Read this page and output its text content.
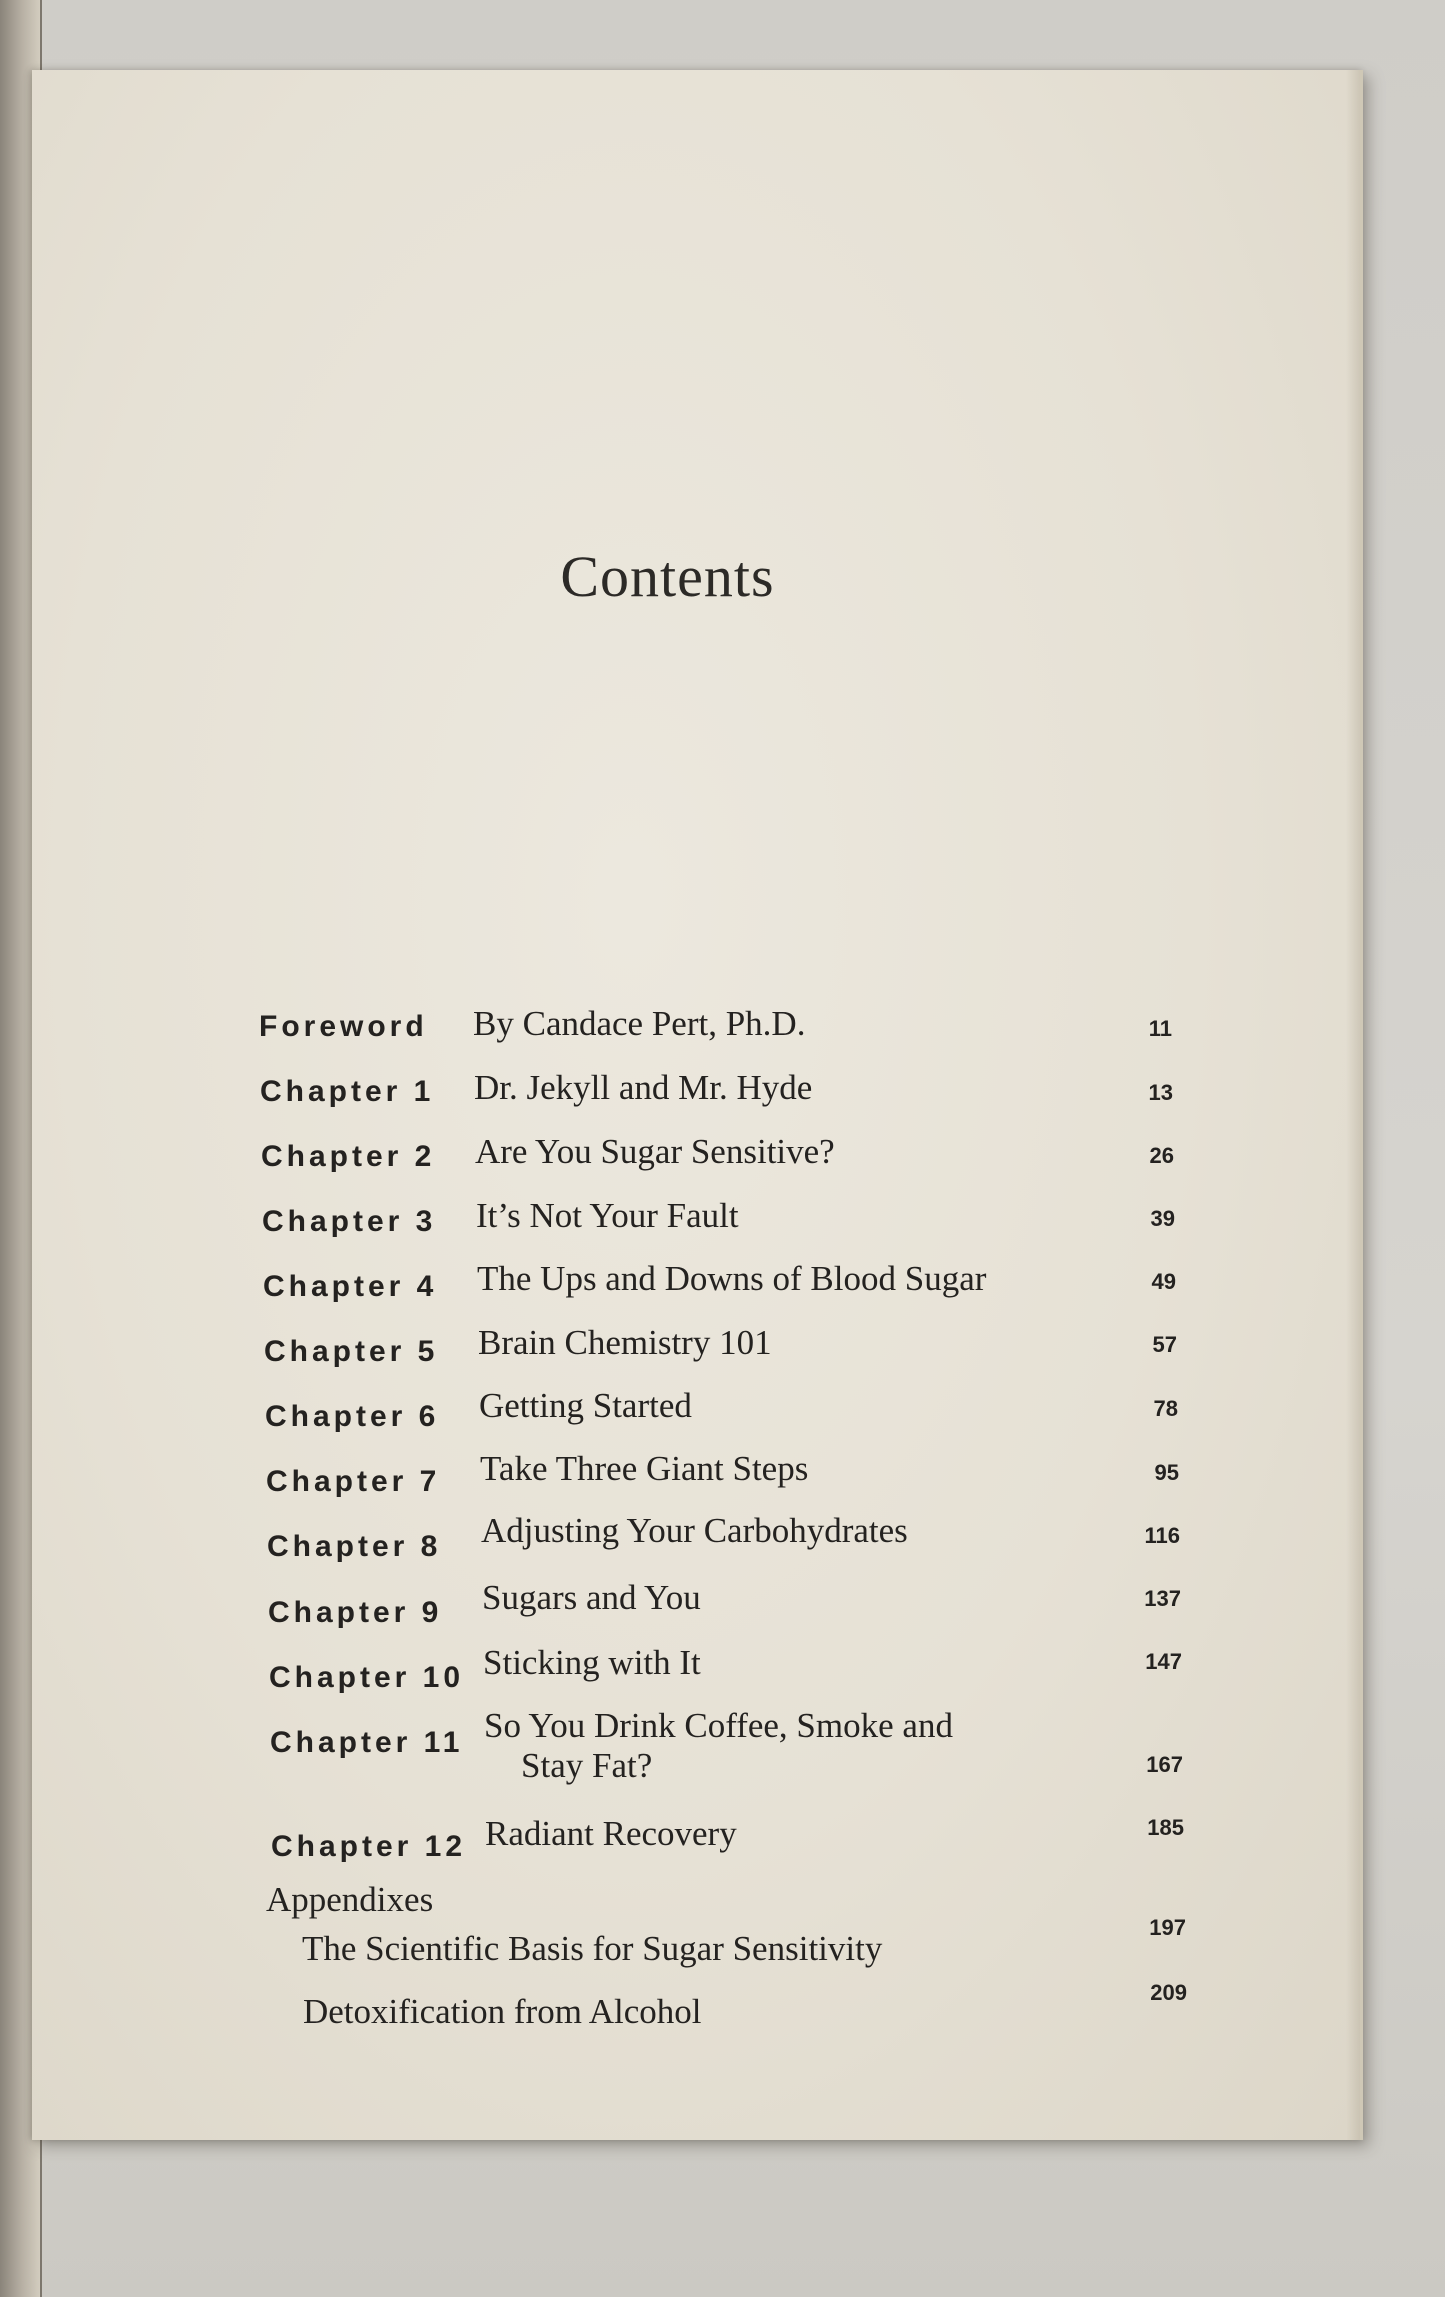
Contents
Foreword By Candace Pert, Ph.D.	11
Chapter 1 Dr. Jekyll and Mr. Hyde	13
Chapter 2 Are You Sugar Sensitive?	26
Chapter 3 It’s Not Your Fault	39
Chapter 4 The Ups and Downs of Blood Sugar	49
Chapter 5 Brain Chemistry 101	57
Chapter 6 Getting Started	78
Chapter 7 Take Three Giant Steps	95
Chapter 8 Adjusting Your Carbohydrates	116
Chapter 9 Sugars and You	137
Chapter 10 Sticking with It	147
Chapter 11 So You Drink Coffee, Smoke and
Stay Fat?	167
Chapter 12 Radiant Recovery	185
Appendixes
The Scientific Basis for Sugar Sensitivity
197
Detoxification from Alcohol	209
